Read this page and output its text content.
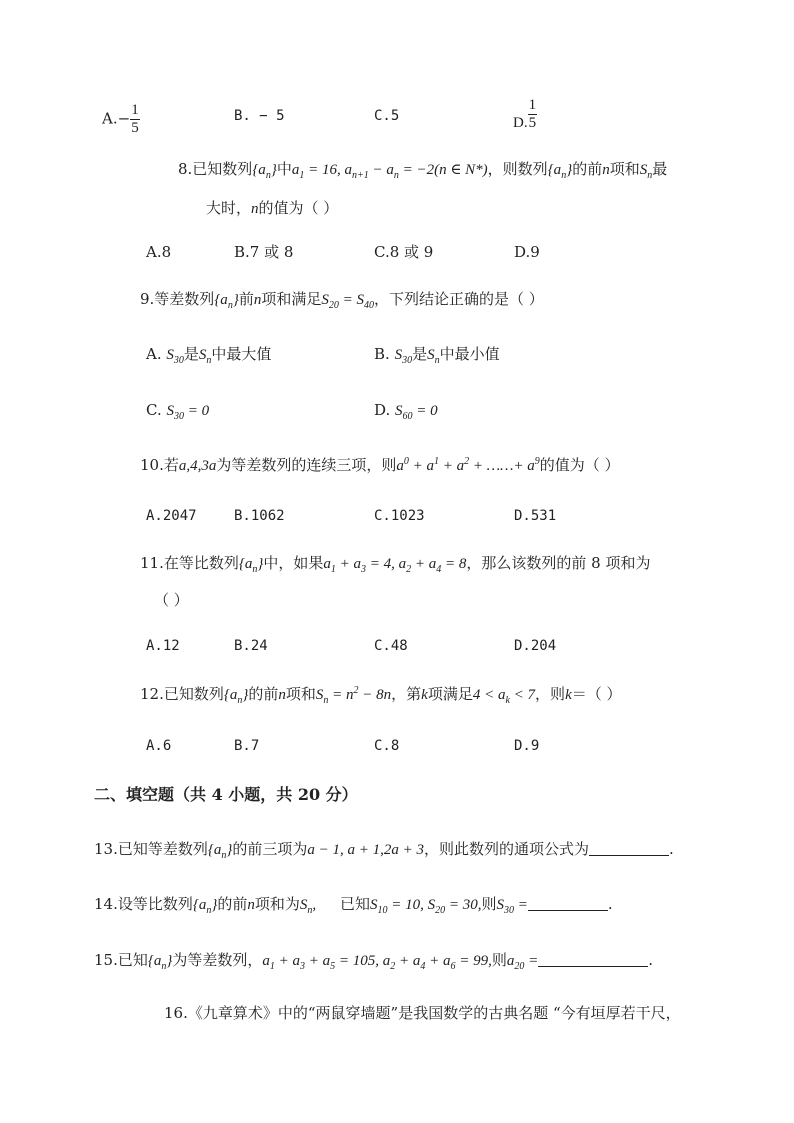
$A.- \frac{1}{5}$	B. − 5	C.5	D. $\frac{1}{5}$
8.已知数列$\{a_n\}$中$a_1 = 16$, $a_{n+1} - a_n = -2(n$ ∈ N*)，则数列$\{a_n\}$的前n项和$S_n$最
大时，n的值为（ ）
A.8	B.7 或 8	C.8 或 9	D.9
9.等差数列$\{a_n\}$前n项和满足$S_{20} = S_{40}$，下列结论正确的是（ ）
A. $S_{30}$是$S_n$中最大值	B. $S_{30}$是$S_n$中最小值
C. $S_{30} = 0$	D. $S_{60} = 0$
10.若a,4,3a为等差数列的连续三项，则$a^0 + a^1 + a^2$ + ……+ $a^9$的值为（ ）
A.2047	B.1062	C.1023	D.531
11.在等比数列$\{a_n\}$中，如果$a_1 + a_3 = 4$, $a_2 + a_4 = 8$，那么该数列的前 8 项和为
（ ）
A.12	B.24	C.48	D.204
12.已知数列$\{a_n\}$的前n项和$S_n = n^2 - 8n$，第k项满足$4 < a_k < 7$，则k＝（ ）
A.6	B.7	C.8	D.9
二、填空题（共 4 小题，共 20 分）
13.已知等差数列$\{a_n\}$的前三项为a − 1, a + 1,2a + 3，则此数列的通项公式为	.
14.设等比数列$\{a_n\}$的前n项和为$S_n$, 已知$S_{10} = 10$, $S_{20} = 30$,则$S_{30}$ =	.
15.已知$\{a_n\}$为等差数列，$a_1 + a_3 + a_5 = 105$, $a_2 + a_4 + a_6 = 99$,则$a_{20}$ =	.
16.《九章算术》中的“两鼠穿墙题”是我国数学的古典名题 “今有垣厚若干尺，
